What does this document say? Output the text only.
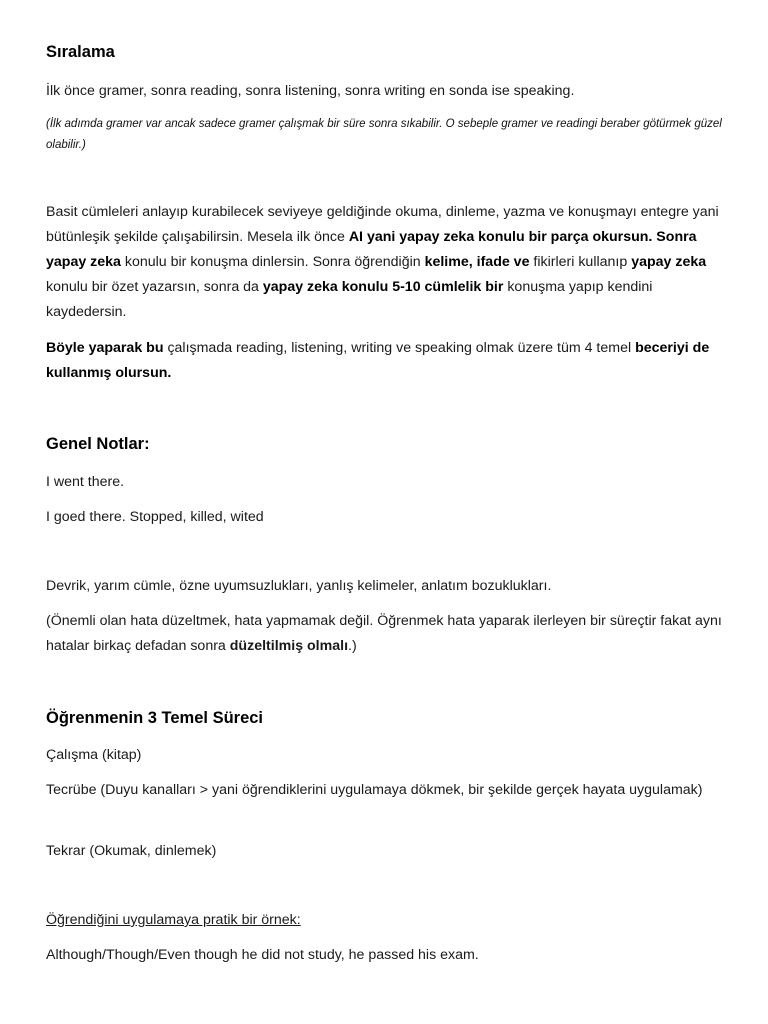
Sıralama

İlk önce gramer, sonra reading, sonra listening, sonra writing en sonda ise speaking.

(İlk adımda gramer var ancak sadece gramer çalışmak bir süre sonra sıkabilir. O sebeple gramer ve readingi beraber götürmek güzel olabilir.)

Basit cümleleri anlayıp kurabilecek seviyeye geldiğinde okuma, dinleme, yazma ve konuşmayı entegre yani bütünleşik şekilde çalışabilirsin. Mesela ilk önce AI yani yapay zeka konulu bir parça okursun. Sonra yapay zeka konulu bir konuşma dinlersin. Sonra öğrendiğin kelime, ifade ve fikirleri kullanıp yapay zeka konulu bir özet yazarsın, sonra da yapay zeka konulu 5-10 cümlelik bir konuşma yapıp kendini kaydedersin.

Böyle yaparak bu çalışmada reading, listening, writing ve speaking olmak üzere tüm 4 temel beceriyi de kullanmış olursun.

Genel Notlar:

I went there.

I goed there. Stopped, killed, wited

Devrik, yarım cümle, özne uyumsuzlukları, yanlış kelimeler, anlatım bozuklukları.

(Önemli olan hata düzeltmek, hata yapmamak değil. Öğrenmek hata yaparak ilerleyen bir süreçtir fakat aynı hatalar birkaç defadan sonra düzeltilmiş olmalı.)

Öğrenmenin 3 Temel Süreci

Çalışma (kitap)

Tecrübe (Duyu kanalları > yani öğrendiklerini uygulamaya dökmek, bir şekilde gerçek hayata uygulamak)

Tekrar (Okumak, dinlemek)

Öğrendiğini uygulamaya pratik bir örnek:

Although/Though/Even though he did not study, he passed his exam.
